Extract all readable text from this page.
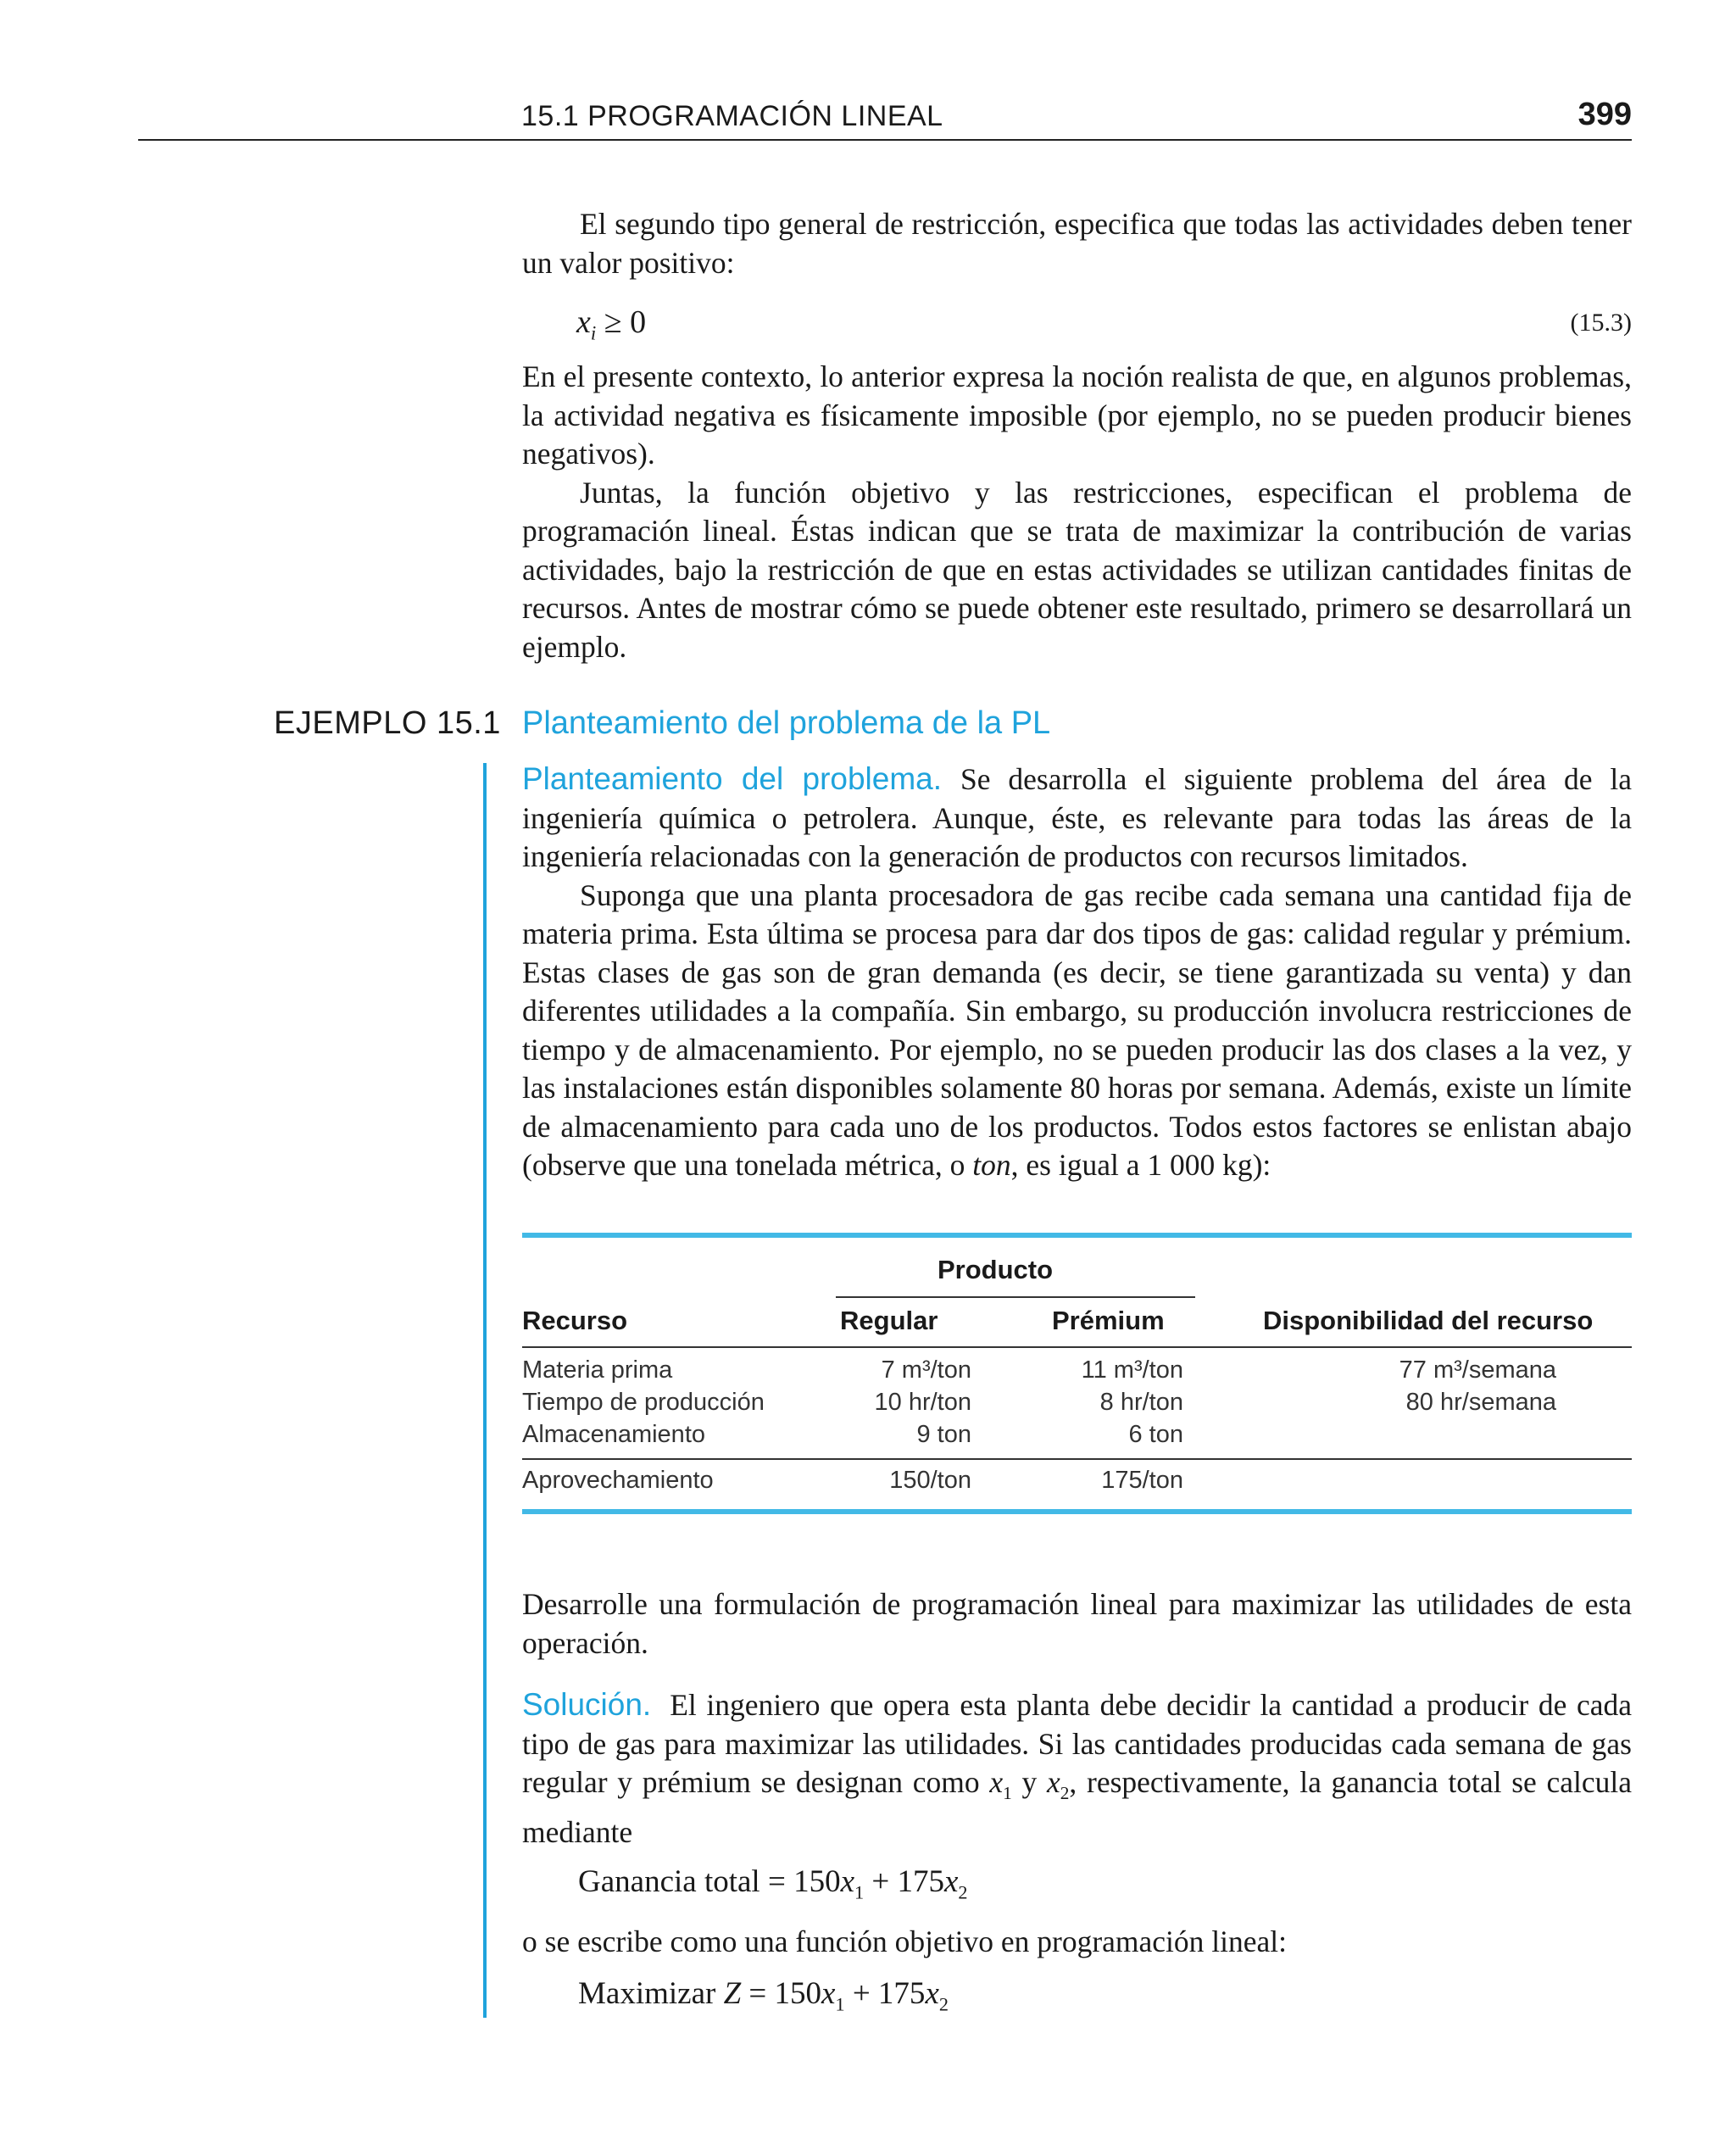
15.1 PROGRAMACIÓN LINEAL	399

El segundo tipo general de restricción, especifica que todas las actividades deben tener un valor positivo:

$x_i \ge 0$	(15.3)

En el presente contexto, lo anterior expresa la noción realista de que, en algunos problemas, la actividad negativa es físicamente imposible (por ejemplo, no se pueden producir bienes negativos).

Juntas, la función objetivo y las restricciones, especifican el problema de programación lineal. Éstas indican que se trata de maximizar la contribución de varias actividades, bajo la restricción de que en estas actividades se utilizan cantidades finitas de recursos. Antes de mostrar cómo se puede obtener este resultado, primero se desarrollará un ejemplo.

EJEMPLO 15.1 Planteamiento del problema de la PL

Planteamiento del problema. Se desarrolla el siguiente problema del área de la ingeniería química o petrolera. Aunque, éste, es relevante para todas las áreas de la ingeniería relacionadas con la generación de productos con recursos limitados.

Suponga que una planta procesadora de gas recibe cada semana una cantidad fija de materia prima. Esta última se procesa para dar dos tipos de gas: calidad regular y prémium. Estas clases de gas son de gran demanda (es decir, se tiene garantizada su venta) y dan diferentes utilidades a la compañía. Sin embargo, su producción involucra restricciones de tiempo y de almacenamiento. Por ejemplo, no se pueden producir las dos clases a la vez, y las instalaciones están disponibles solamente 80 horas por semana. Además, existe un límite de almacenamiento para cada uno de los productos. Todos estos factores se enlistan abajo (observe que una tonelada métrica, o ton, es igual a 1 000 kg):

Producto
Recurso	Regular	Prémium	Disponibilidad del recurso
Materia prima	7 m³/ton	11 m³/ton	77 m³/semana
Tiempo de producción	10 hr/ton	8 hr/ton	80 hr/semana
Almacenamiento	9 ton	6 ton
Aprovechamiento	150/ton	175/ton

Desarrolle una formulación de programación lineal para maximizar las utilidades de esta operación.

Solución. El ingeniero que opera esta planta debe decidir la cantidad a producir de cada tipo de gas para maximizar las utilidades. Si las cantidades producidas cada semana de gas regular y prémium se designan como $x_1$ y $x_2$, respectivamente, la ganancia total se calcula mediante

Ganancia total = $150x_1 + 175x_2$

o se escribe como una función objetivo en programación lineal:

Maximizar $Z = 150x_1 + 175x_2$
